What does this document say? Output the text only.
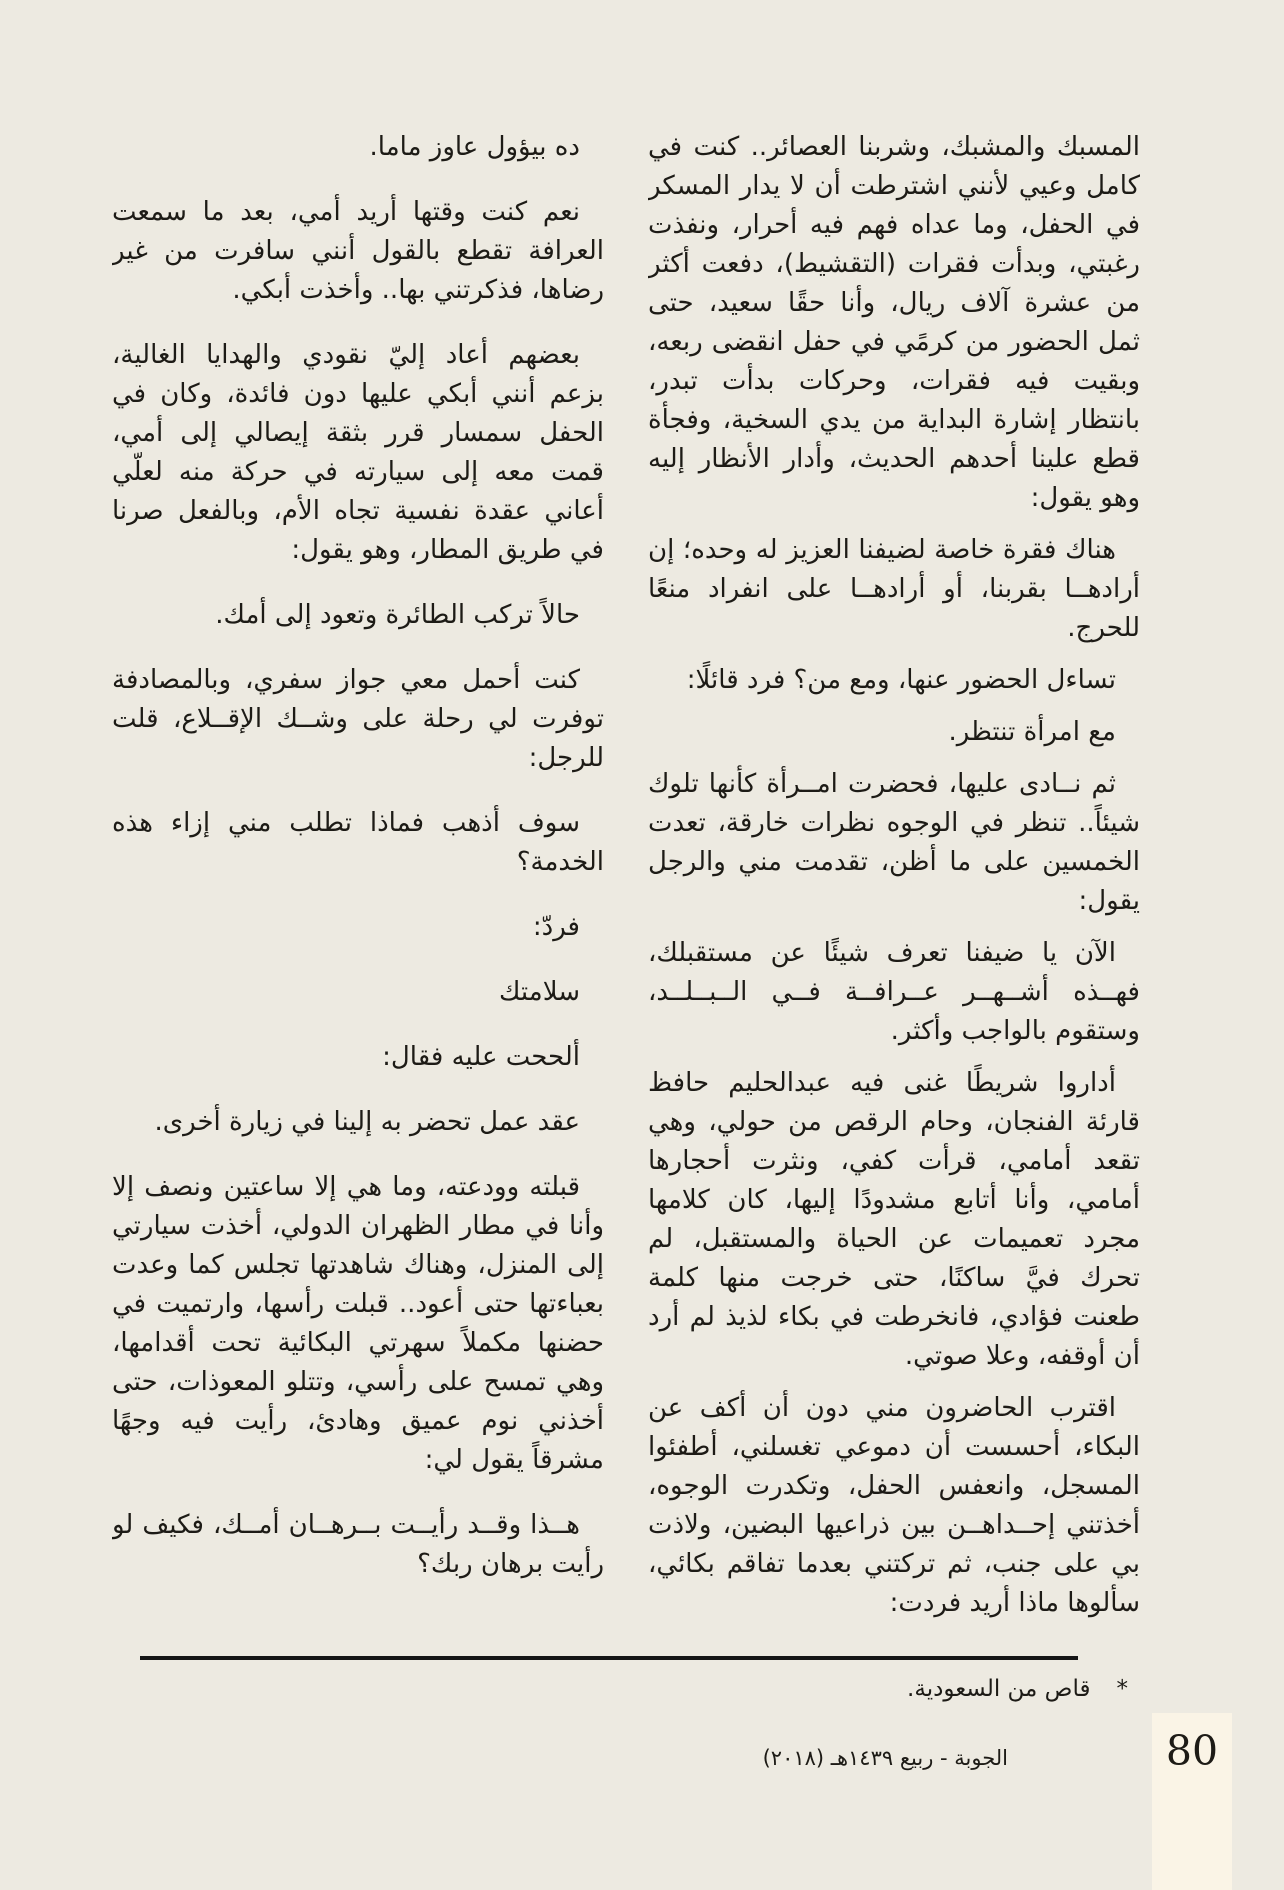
المسبك والمشبك، وشربنا العصائر.. كنت في كامل وعيي لأنني اشترطت أن لا يدار المسكر في الحفل، وما عداه فهم فيه أحرار، ونفذت رغبتي، وبدأت فقرات (التقشيط)، دفعت أكثر من عشرة آلاف ريال، وأنا حقًا سعيد، حتى ثمل الحضور من كرمًي في حفل انقضى ربعه، وبقيت فيه فقرات، وحركات بدأت تبدر، بانتظار إشارة البداية من يدي السخية، وفجأة قطع علينا أحدهم الحديث، وأدار الأنظار إليه وهو يقول:

هناك فقرة خاصة لضيفنا العزيز له وحده؛ إن أرادهــا بقربنا، أو أرادهــا على انفراد منعًا للحرج.

تساءل الحضور عنها، ومع من؟ فرد قائلًا:

مع امرأة تنتظر.

ثم نــادى عليها، فحضرت امــرأة كأنها تلوك شيئاً.. تنظر في الوجوه نظرات خارقة، تعدت الخمسين على ما أظن، تقدمت مني والرجل يقول:

الآن يا ضيفنا تعرف شيئًا عن مستقبلك، فهــذه أشــهــر عــرافــة فــي الــبــلــد، وستقوم بالواجب وأكثر.

أداروا شريطًا غنى فيه عبدالحليم حافظ قارئة الفنجان، وحام الرقص من حولي، وهي تقعد أمامي، قرأت كفي، ونثرت أحجارها أمامي، وأنا أتابع مشدودًا إليها، كان كلامها مجرد تعميمات عن الحياة والمستقبل، لم تحرك فيَّ ساكنًا، حتى خرجت منها كلمة طعنت فؤادي، فانخرطت في بكاء لذيذ لم أرد أن أوقفه، وعلا صوتي.

اقترب الحاضرون مني دون أن أكف عن البكاء، أحسست أن دموعي تغسلني، أطفئوا المسجل، وانعفس الحفل، وتكدرت الوجوه، أخذتني إحــداهــن بين ذراعيها البضين، ولاذت بي على جنب، ثم تركتني بعدما تفاقم بكائي، سألوها ماذا أريد فردت:

ده بيؤول عاوز ماما.

نعم كنت وقتها أريد أمي، بعد ما سمعت العرافة تقطع بالقول أنني سافرت من غير رضاها، فذكرتني بها.. وأخذت أبكي.

بعضهم أعاد إليّ نقودي والهدايا الغالية، بزعم أنني أبكي عليها دون فائدة، وكان في الحفل سمسار قرر بثقة إيصالي إلى أمي، قمت معه إلى سيارته في حركة منه لعلّي أعاني عقدة نفسية تجاه الأم، وبالفعل صرنا في طريق المطار، وهو يقول:

حالاً تركب الطائرة وتعود إلى أمك.

كنت أحمل معي جواز سفري، وبالمصادفة توفرت لي رحلة على وشــك الإقــلاع، قلت للرجل:

سوف أذهب فماذا تطلب مني إزاء هذه الخدمة؟

فردّ:

سلامتك

ألححت عليه فقال:

عقد عمل تحضر به إلينا في زيارة أخرى.

قبلته وودعته، وما هي إلا ساعتين ونصف إلا وأنا في مطار الظهران الدولي، أخذت سيارتي إلى المنزل، وهناك شاهدتها تجلس كما وعدت بعباءتها حتى أعود.. قبلت رأسها، وارتميت في حضنها مكملاً سهرتي البكائية تحت أقدامها، وهي تمسح على رأسي، وتتلو المعوذات، حتى أخذني نوم عميق وهادئ، رأيت فيه وجهًا مشرقاً يقول لي:

هــذا وقــد رأيــت بــرهــان أمــك، فكيف لو رأيت برهان ربك؟

*
قاص من السعودية.
الجوبة - ربيع ١٤٣٩هـ (٢٠١٨)	80
